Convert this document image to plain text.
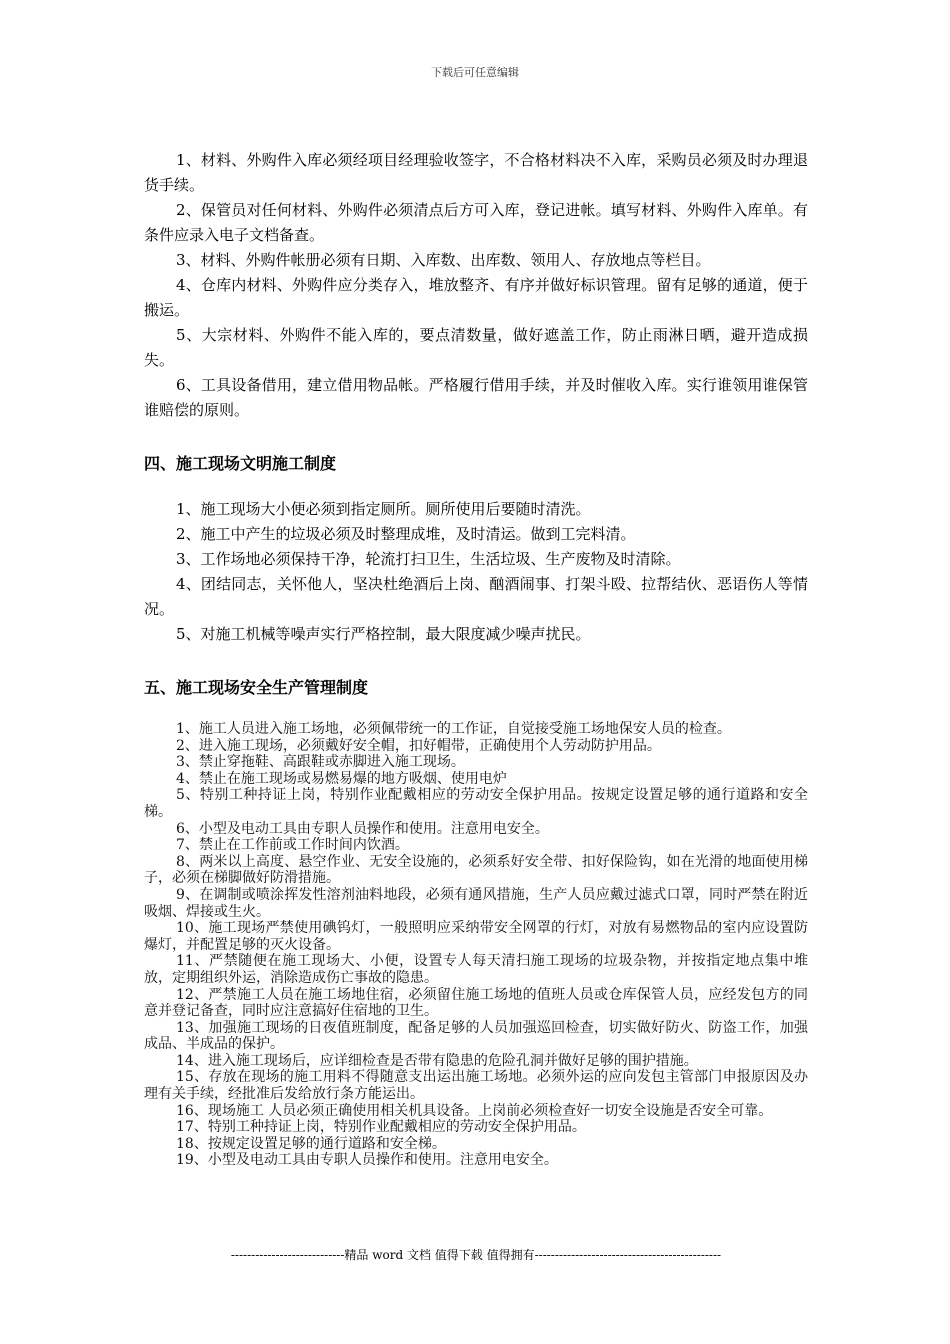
下载后可任意编辑

1、材料、外购件入库必须经项目经理验收签字，不合格材料决不入库，采购员必须及时办理退货手续。

2、保管员对任何材料、外购件必须清点后方可入库，登记进帐。填写材料、外购件入库单。有条件应录入电子文档备查。

3、材料、外购件帐册必须有日期、入库数、出库数、领用人、存放地点等栏目。

4、仓库内材料、外购件应分类存入，堆放整齐、有序并做好标识管理。留有足够的通道，便于搬运。

5、大宗材料、外购件不能入库的，要点清数量，做好遮盖工作，防止雨淋日晒，避开造成损失。

6、工具设备借用，建立借用物品帐。严格履行借用手续，并及时催收入库。实行谁领用谁保管谁赔偿的原则。

四、施工现场文明施工制度

1、施工现场大小便必须到指定厕所。厕所使用后要随时清洗。

2、施工中产生的垃圾必须及时整理成堆，及时清运。做到工完料清。

3、工作场地必须保持干净，轮流打扫卫生，生活垃圾、生产废物及时清除。

4、团结同志，关怀他人，坚决杜绝酒后上岗、酗酒闹事、打架斗殴、拉帮结伙、恶语伤人等情况。

5、对施工机械等噪声实行严格控制，最大限度减少噪声扰民。

五、施工现场安全生产管理制度

1、施工人员进入施工场地，必须佩带统一的工作证，自觉接受施工场地保安人员的检查。

2、进入施工现场，必须戴好安全帽，扣好帽带，正确使用个人劳动防护用品。

3、禁止穿拖鞋、高跟鞋或赤脚进入施工现场。

4、禁止在施工现场或易燃易爆的地方吸烟、使用电炉

5、特别工种持证上岗，特别作业配戴相应的劳动安全保护用品。按规定设置足够的通行道路和安全梯。

6、小型及电动工具由专职人员操作和使用。注意用电安全。

7、禁止在工作前或工作时间内饮酒。

8、两米以上高度、悬空作业、无安全设施的，必须系好安全带、扣好保险钩，如在光滑的地面使用梯子，必须在梯脚做好防滑措施。

9、在调制或喷涂挥发性溶剂油料地段，必须有通风措施，生产人员应戴过滤式口罩，同时严禁在附近吸烟、焊接或生火。

10、施工现场严禁使用碘钨灯，一般照明应采纳带安全网罩的行灯，对放有易燃物品的室内应设置防爆灯，并配置足够的灭火设备。

11、严禁随便在施工现场大、小便，设置专人每天清扫施工现场的垃圾杂物，并按指定地点集中堆放，定期组织外运，消除造成伤亡事故的隐患。

12、严禁施工人员在施工场地住宿，必须留住施工场地的值班人员或仓库保管人员，应经发包方的同意并登记备查，同时应注意搞好住宿地的卫生。

13、加强施工现场的日夜值班制度，配备足够的人员加强巡回检查，切实做好防火、防盗工作，加强成品、半成品的保护。

14、进入施工现场后，应详细检查是否带有隐患的危险孔洞并做好足够的围护措施。

15、存放在现场的施工用料不得随意支出运出施工场地。必须外运的应向发包主管部门申报原因及办理有关手续，经批准后发给放行条方能运出。

16、现场施工 人员必须正确使用相关机具设备。上岗前必须检查好一切安全设施是否安全可靠。

17、特别工种持证上岗，特别作业配戴相应的劳动安全保护用品。

18、按规定设置足够的通行道路和安全梯。

19、小型及电动工具由专职人员操作和使用。注意用电安全。

----------------------------精品 word 文档 值得下载 值得拥有----------------------------------------------
